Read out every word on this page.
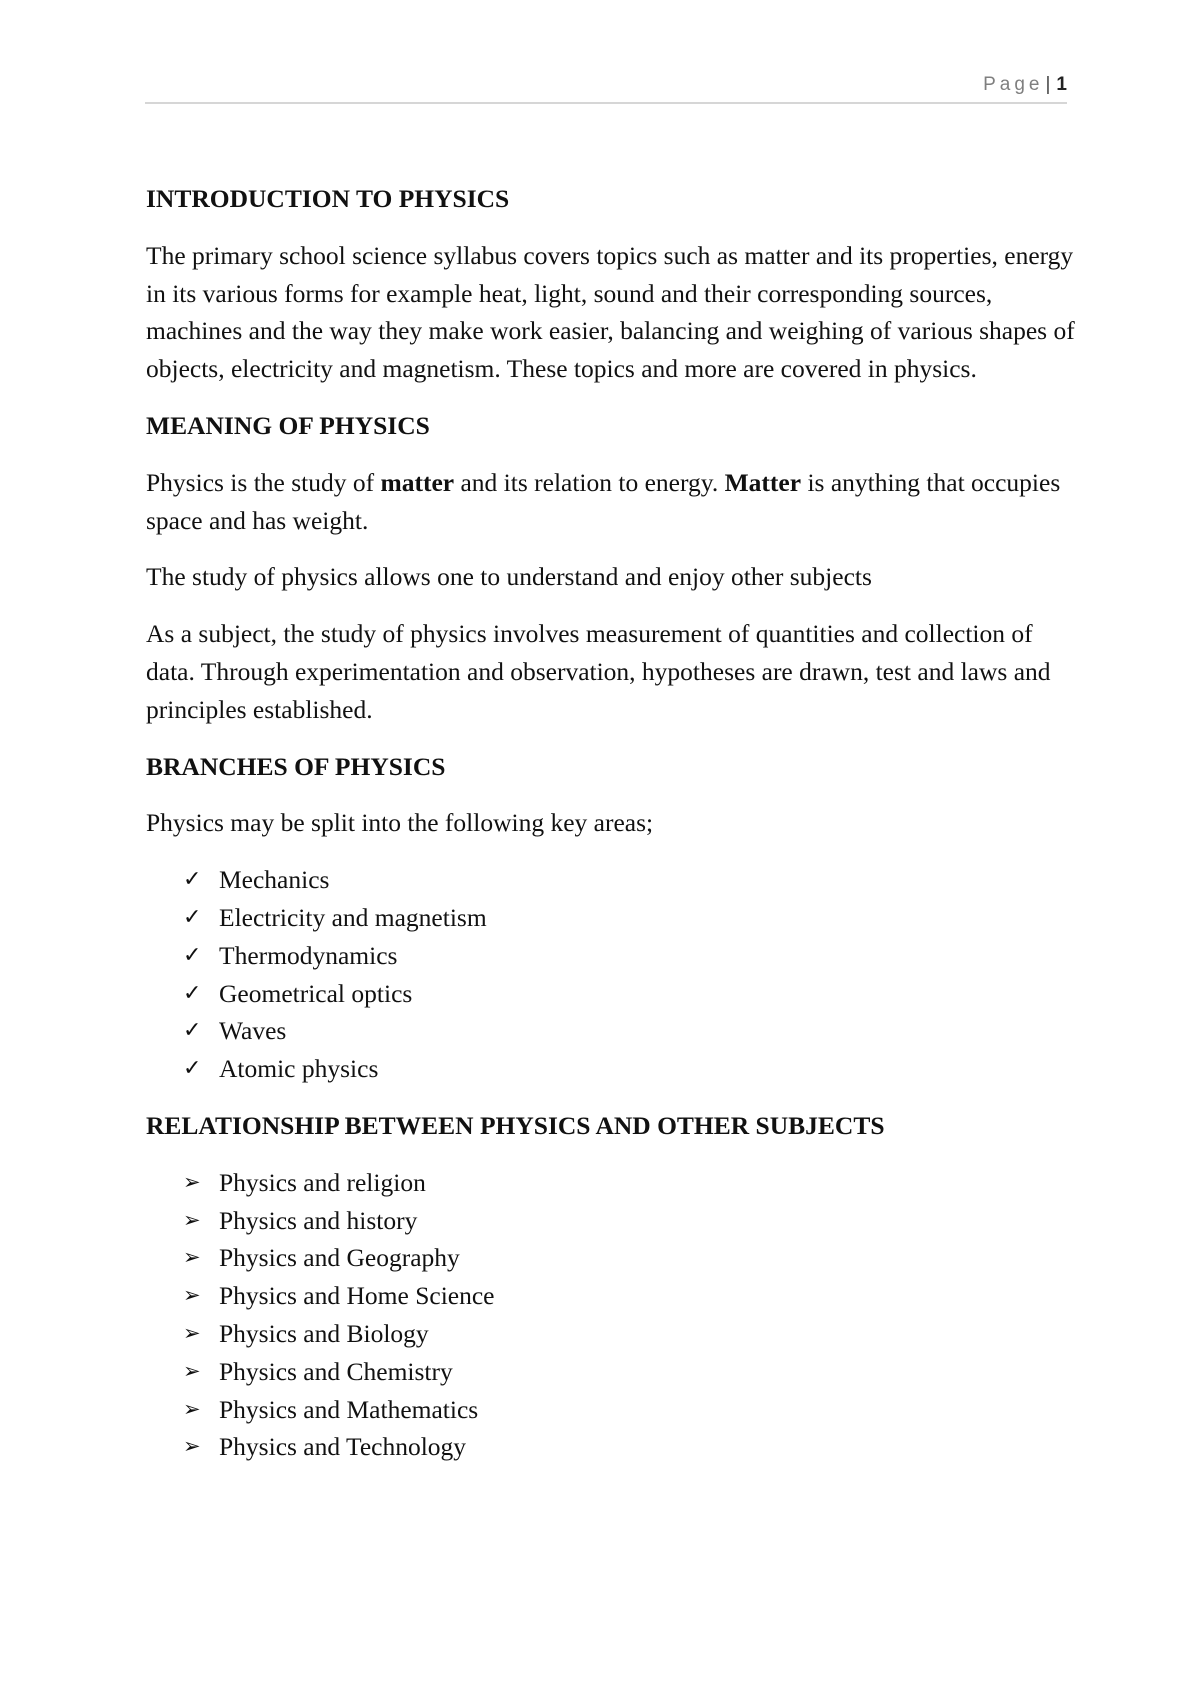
Page | 1
INTRODUCTION TO PHYSICS

The primary school science syllabus covers topics such as matter and its properties, energy in its various forms for example heat, light, sound and their corresponding sources, machines and the way they make work easier, balancing and weighing of various shapes of objects, electricity and magnetism. These topics and more are covered in physics.

MEANING OF PHYSICS

Physics is the study of matter and its relation to energy. Matter is anything that occupies space and has weight.

The study of physics allows one to understand and enjoy other subjects

As a subject, the study of physics involves measurement of quantities and collection of data. Through experimentation and observation, hypotheses are drawn, test and laws and principles established.

BRANCHES OF PHYSICS

Physics may be split into the following key areas;

✓ Mechanics
✓ Electricity and magnetism
✓ Thermodynamics
✓ Geometrical optics
✓ Waves
✓ Atomic physics
RELATIONSHIP BETWEEN PHYSICS AND OTHER SUBJECTS
➢ Physics and religion
➢ Physics and history
➢ Physics and Geography
➢ Physics and Home Science
➢ Physics and Biology
➢ Physics and Chemistry
➢ Physics and Mathematics
➢ Physics and Technology
